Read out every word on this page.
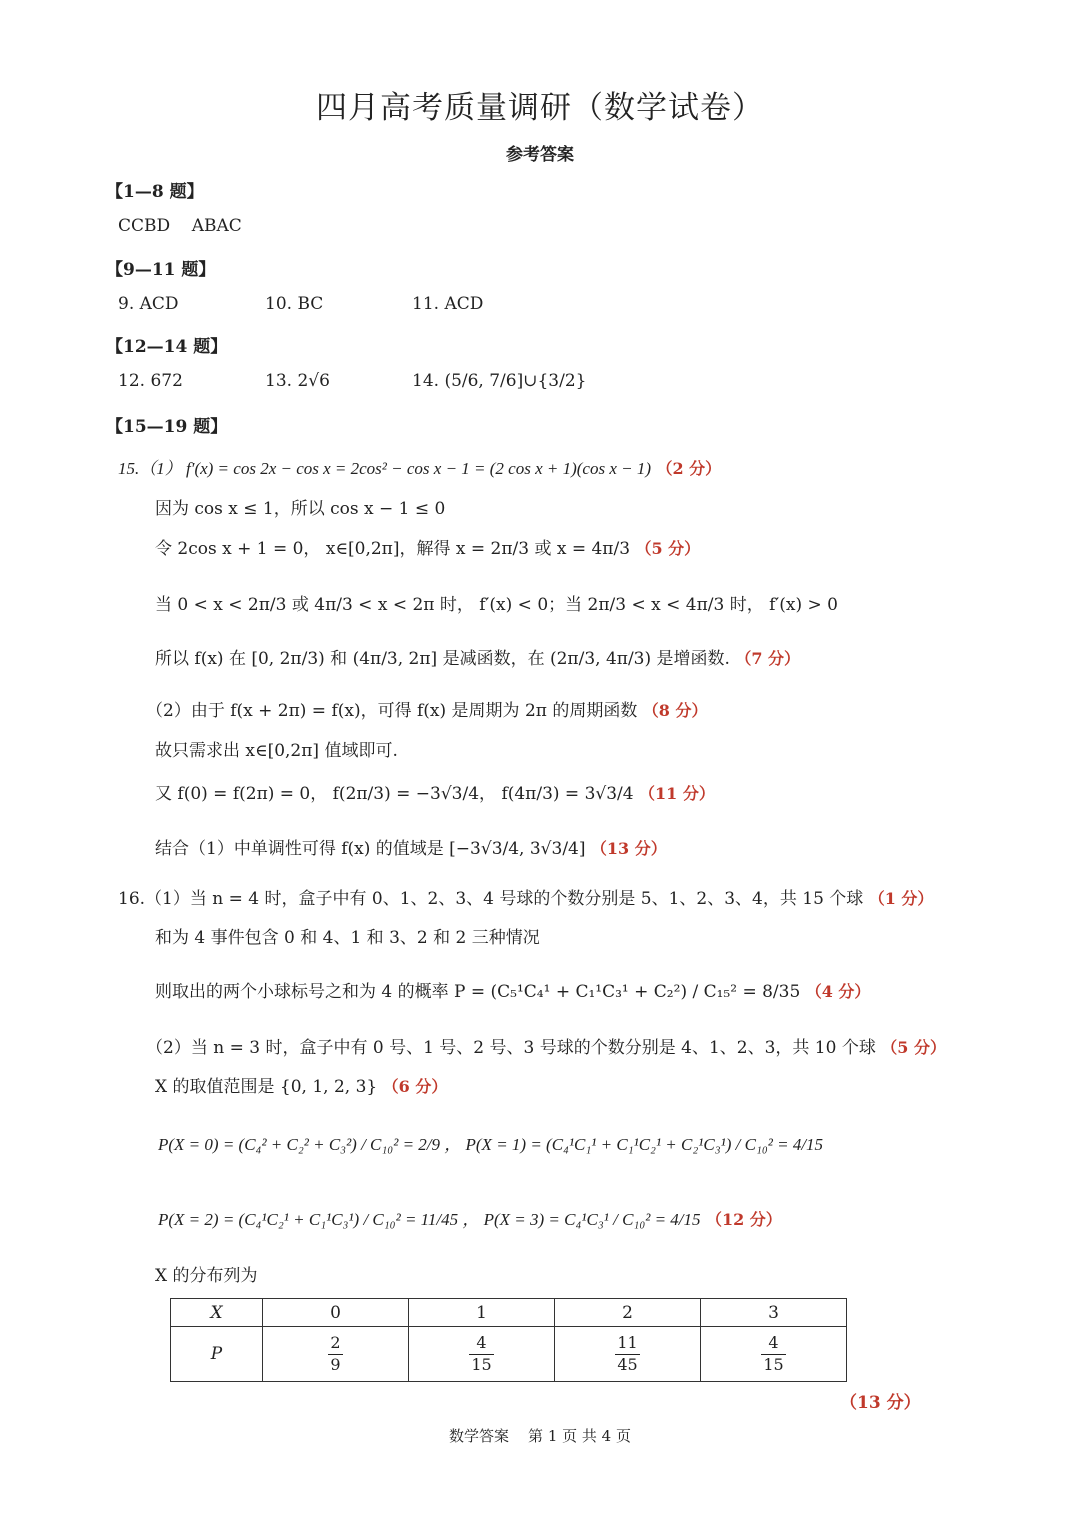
四月高考质量调研（数学试卷）
参考答案
【1—8 题】
CCBD    ABAC
【9—11 题】
9. ACD	10. BC	11. ACD
【12—14 题】
12. 672	13. 2√6	14. (5/6, 7/6]∪{3/2}
【15—19 题】
15.（1） f′(x) = cos 2x − cos x = 2cos² − cos x − 1 = (2 cos x + 1)(cos x − 1) （2 分）
因为 cos x ≤ 1，所以 cos x − 1 ≤ 0
令 2cos x + 1 = 0， x∈[0,2π]，解得 x = 2π/3 或 x = 4π/3 （5 分）
当 0 < x < 2π/3 或 4π/3 < x < 2π 时， f′(x) < 0；当 2π/3 < x < 4π/3 时， f′(x) > 0
所以 f(x) 在 [0, 2π/3) 和 (4π/3, 2π] 是减函数，在 (2π/3, 4π/3) 是增函数. （7 分）
（2）由于 f(x + 2π) = f(x)，可得 f(x) 是周期为 2π 的周期函数 （8 分）
故只需求出 x∈[0,2π] 值域即可.
又 f(0) = f(2π) = 0， f(2π/3) = −3√3/4， f(4π/3) = 3√3/4 （11 分）
结合（1）中单调性可得 f(x) 的值域是 [−3√3/4, 3√3/4] （13 分）
16.（1）当 n = 4 时，盒子中有 0、1、2、3、4 号球的个数分别是 5、1、2、3、4，共 15 个球 （1 分）
和为 4 事件包含 0 和 4、1 和 3、2 和 2 三种情况
则取出的两个小球标号之和为 4 的概率 P = (C₅¹C₄¹ + C₁¹C₃¹ + C₂²) / C₁₅² = 8/35 （4 分）
（2）当 n = 3 时，盒子中有 0 号、1 号、2 号、3 号球的个数分别是 4、1、2、3，共 10 个球 （5 分）
X 的取值范围是 {0, 1, 2, 3} （6 分）
P(X = 0) = (C₄² + C₂² + C₃²) / C₁₀² = 2/9 ， P(X = 1) = (C₄¹C₁¹ + C₁¹C₂¹ + C₂¹C₃¹) / C₁₀² = 4/15
P(X = 2) = (C₄¹C₂¹ + C₁¹C₃¹) / C₁₀² = 11/45 ， P(X = 3) = C₄¹C₃¹ / C₁₀² = 4/15 （12 分）
X 的分布列为
X	0	1	2	3
P	$\frac{2}{9}$	$\frac{4}{15}$	$\frac{11}{45}$	$\frac{4}{15}$
（13 分）
数学答案    第 1 页 共 4 页
